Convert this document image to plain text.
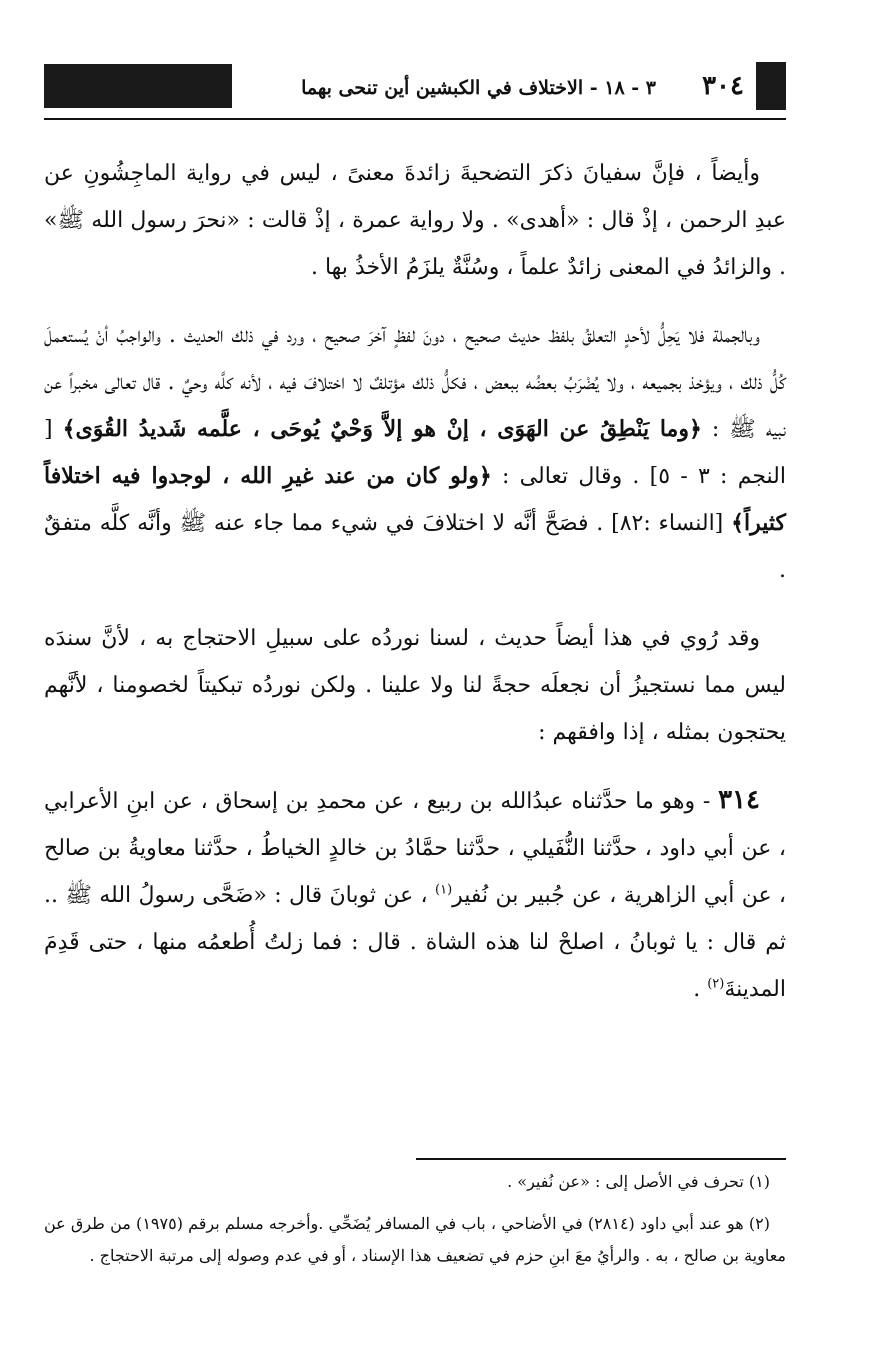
٣ - ١٨ - الاختلاف في الكبشين أين تنحى بهما	٣٠٤

وأيضاً ، فإنَّ سفيانَ ذكرَ التضحيةَ زائدةَ معنىً ، ليس في رواية الماجِشُونِ عن عبدِ الرحمن ، إذْ قال : «أهدى» . ولا رواية عمرة ، إذْ قالت : «نحرَ رسول الله ﷺ» . والزائدُ في المعنى زائدٌ علماً ، وسُنَّةٌ يلزَمُ الأخذُ بها .

وبالجملة فلا يَحِلُّ لأحدٍ التعلقُ بلفظ حديث صحيح ، دونَ لفظٍ آخرَ صحيح ، ورد في ذلك الحديث . والواجبُ أنْ يُستعملَ كُلُّ ذلك ، ويؤخذ بجميعه ، ولا يُضْرَبُ بعضُه ببعض ، فكلُّ ذلك مؤتلفٌ لا اختلافَ فيه ، لأنه كلَّه وحيٌ . قال تعالى مخبراً عن نبيه ﷺ : ﴿وما يَنْطِقُ عن الهَوَى ، إنْ هو إلاَّ وَحْيٌ يُوحَى ، علَّمه شَديدُ القُوَى﴾ [ النجم : ٣ - ٥] . وقال تعالى : ﴿ولو كان من عند غيرِ الله ، لوجدوا فيه اختلافاً كثيراً﴾ [النساء :٨٢] . فصَحَّ أنَّه لا اختلافَ في شيء مما جاء عنه ﷺ وأنَّه كلَّه متفقٌ .

وقد رُوي في هذا أيضاً حديث ، لسنا نوردُه على سبيلِ الاحتجاج به ، لأنَّ سندَه ليس مما نستجيزُ أن نجعلَه حجةً لنا ولا علينا . ولكن نوردُه تبكيتاً لخصومنا ، لأنَّهم يحتجون بمثله ، إذا وافقهم :

٣١٤ - وهو ما حدَّثناه عبدُالله بن ربيع ، عن محمدِ بن إسحاق ، عن ابنِ الأعرابي ، عن أبي داود ، حدَّثنا النُّفَيلي ، حدَّثنا حمَّادُ بن خالدٍ الخياطُ ، حدَّثنا معاويةُ بن صالح ، عن أبي الزاهرية ، عن جُبير بن نُفير$^{(١)}$ ، عن ثوبانَ قال : «ضَحَّى رسولُ الله ﷺ .. ثم قال : يا ثوبانُ ، اصلحْ لنا هذه الشاة . قال : فما زلتُ أُطعمُه منها ، حتى قَدِمَ المدينةَ$^{(٢)}$ .

(١) تحرف في الأصل إلى : «عن نُفير» .

(٢) هو عند أبي داود (٢٨١٤) في الأضاحي ، باب في المسافر يُضَحِّي .وأخرجه مسلم برقم (١٩٧٥) من طرق عن معاوية بن صالح ، به . والرأيُ معَ ابنِ حزم في تضعيف هذا الإسناد ، أو في عدم وصوله إلى مرتبة الاحتجاج .
